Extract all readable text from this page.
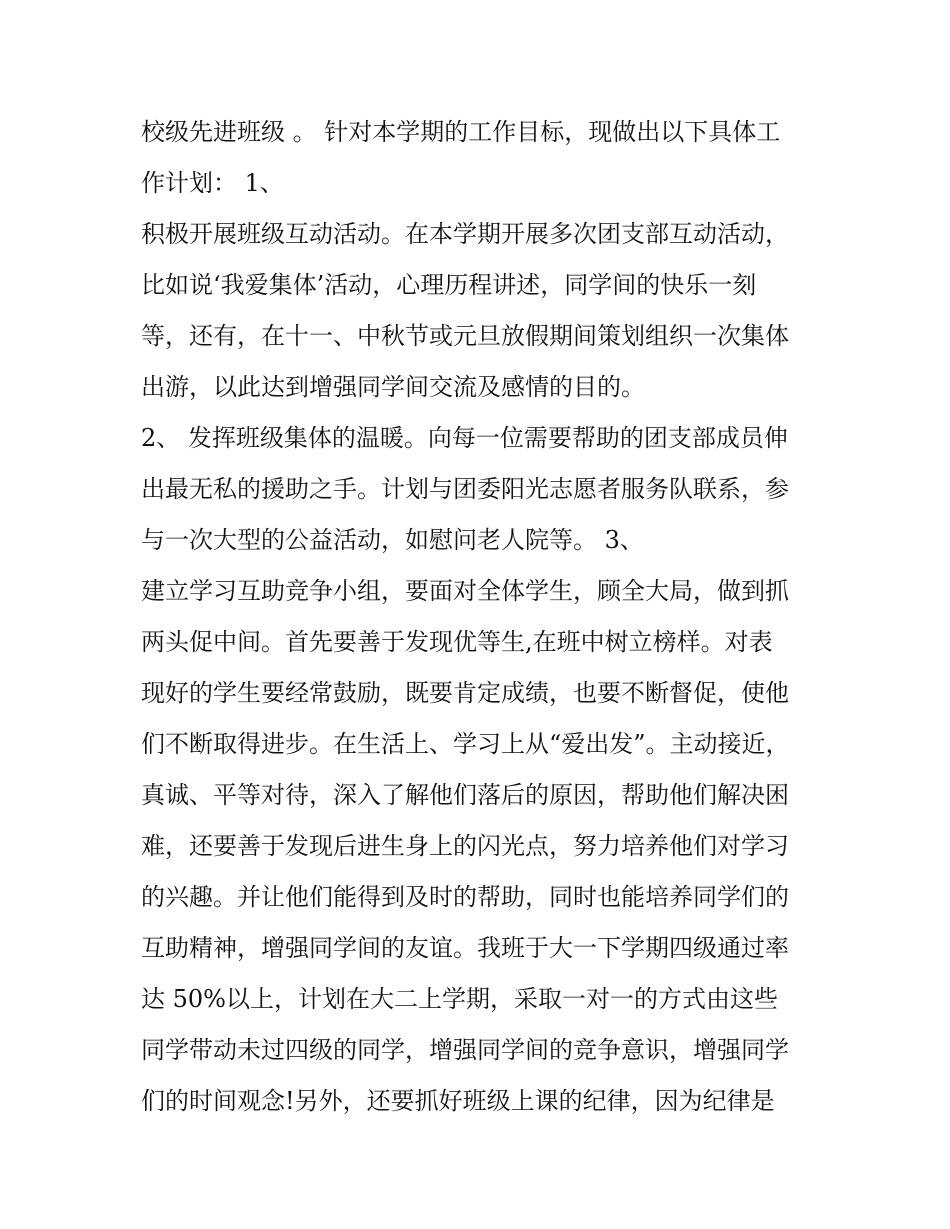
校级先进班级 。 针对本学期的工作目标，现做出以下具体工
作计划： 1、
积极开展班级互动活动。在本学期开展多次团支部互动活动，
比如说‘我爱集体’活动，心理历程讲述，同学间的快乐一刻
等，还有，在十一、中秋节或元旦放假期间策划组织一次集体
出游，以此达到增强同学间交流及感情的目的。
2、 发挥班级集体的温暖。向每一位需要帮助的团支部成员伸
出最无私的援助之手。计划与团委阳光志愿者服务队联系，参
与一次大型的公益活动，如慰问老人院等。 3、
建立学习互助竞争小组，要面对全体学生，顾全大局，做到抓
两头促中间。首先要善于发现优等生,在班中树立榜样。对表
现好的学生要经常鼓励，既要肯定成绩，也要不断督促，使他
们不断取得进步。在生活上、学习上从“爱出发”。主动接近，
真诚、平等对待，深入了解他们落后的原因，帮助他们解决困
难，还要善于发现后进生身上的闪光点，努力培养他们对学习
的兴趣。并让他们能得到及时的帮助，同时也能培养同学们的
互助精神，增强同学间的友谊。我班于大一下学期四级通过率
达 50%以上，计划在大二上学期，采取一对一的方式由这些
同学带动未过四级的同学，增强同学间的竞争意识，增强同学
们的时间观念!另外，还要抓好班级上课的纪律，因为纪律是
